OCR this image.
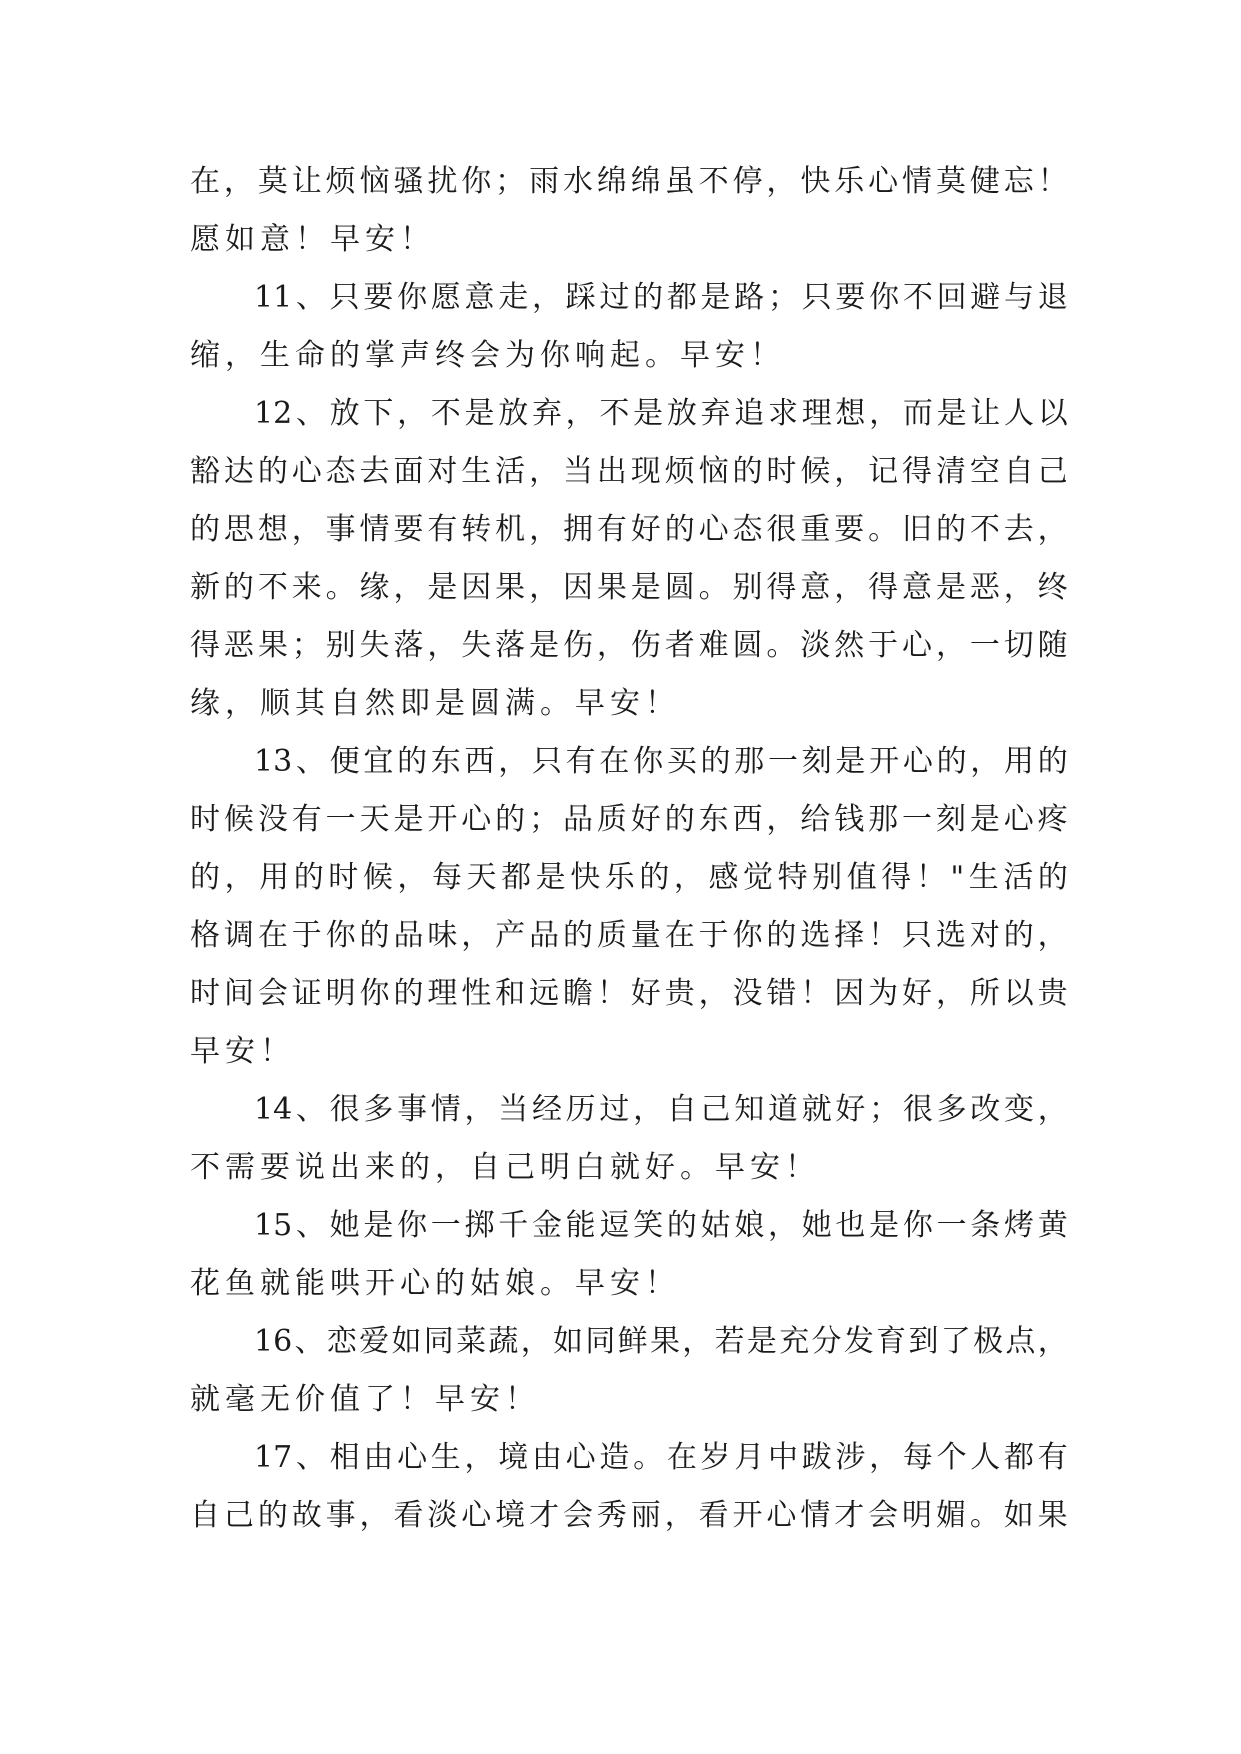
在 ， 莫 让 烦 恼 骚 扰 你 ； 雨 水 绵 绵 虽 不 停 ， 快 乐 心 情 莫 健 忘 ！
愿如意！早安！
11 、 只 要 你 愿 意 走 ， 踩 过 的 都 是 路 ； 只 要 你 不 回 避 与 退
缩，生命的掌声终会为你响起。早安！
12 、 放 下 ， 不 是 放 弃 ， 不 是 放 弃 追 求 理 想 ， 而 是 让 人 以
豁 达 的 心 态 去 面 对 生 活 ， 当 出 现 烦 恼 的 时 候 ， 记 得 清 空 自 己
的 思 想 ， 事 情 要 有 转 机 ， 拥 有 好 的 心 态 很 重 要 。 旧 的 不 去 ，
新 的 不 来 。 缘 ， 是 因 果 ， 因 果 是 圆 。 别 得 意 ， 得 意 是 恶 ， 终
得 恶 果 ； 别 失 落 ， 失 落 是 伤 ， 伤 者 难 圆 。 淡 然 于 心 ， 一 切 随
缘，顺其自然即是圆满。早安！
13 、 便 宜 的 东 西 ， 只 有 在 你 买 的 那 一 刻 是 开 心 的 ， 用 的
时 候 没 有 一 天 是 开 心 的 ； 品 质 好 的 东 西 ， 给 钱 那 一 刻 是 心 疼
的 ， 用 的 时 候 ， 每 天 都 是 快 乐 的 ， 感 觉 特 别 值 得 ！ " 生 活 的
格 调 在 于 你 的 品 味 ， 产 品 的 质 量 在 于 你 的 选 择 ！ 只 选 对 的 ，
时 间 会 证 明 你 的 理 性 和 远 瞻 ！ 好 贵 ， 没 错 ！ 因 为 好 ， 所 以 贵
早安！
14 、 很 多 事 情 ， 当 经 历 过 ， 自 己 知 道 就 好 ； 很 多 改 变 ，
不需要说出来的，自己明白就好。早安！
15 、 她 是 你 一 掷 千 金 能 逗 笑 的 姑 娘 ， 她 也 是 你 一 条 烤 黄
花鱼就能哄开心的姑娘。早安！
16 、 恋 爱 如 同 菜 蔬 ， 如 同 鲜 果 ， 若 是 充 分 发 育 到 了 极 点 ，
就毫无价值了！早安！
17 、 相 由 心 生 ， 境 由 心 造 。 在 岁 月 中 跋 涉 ， 每 个 人 都 有
自 己 的 故 事 ， 看 淡 心 境 才 会 秀 丽 ， 看 开 心 情 才 会 明 媚 。 如 果
